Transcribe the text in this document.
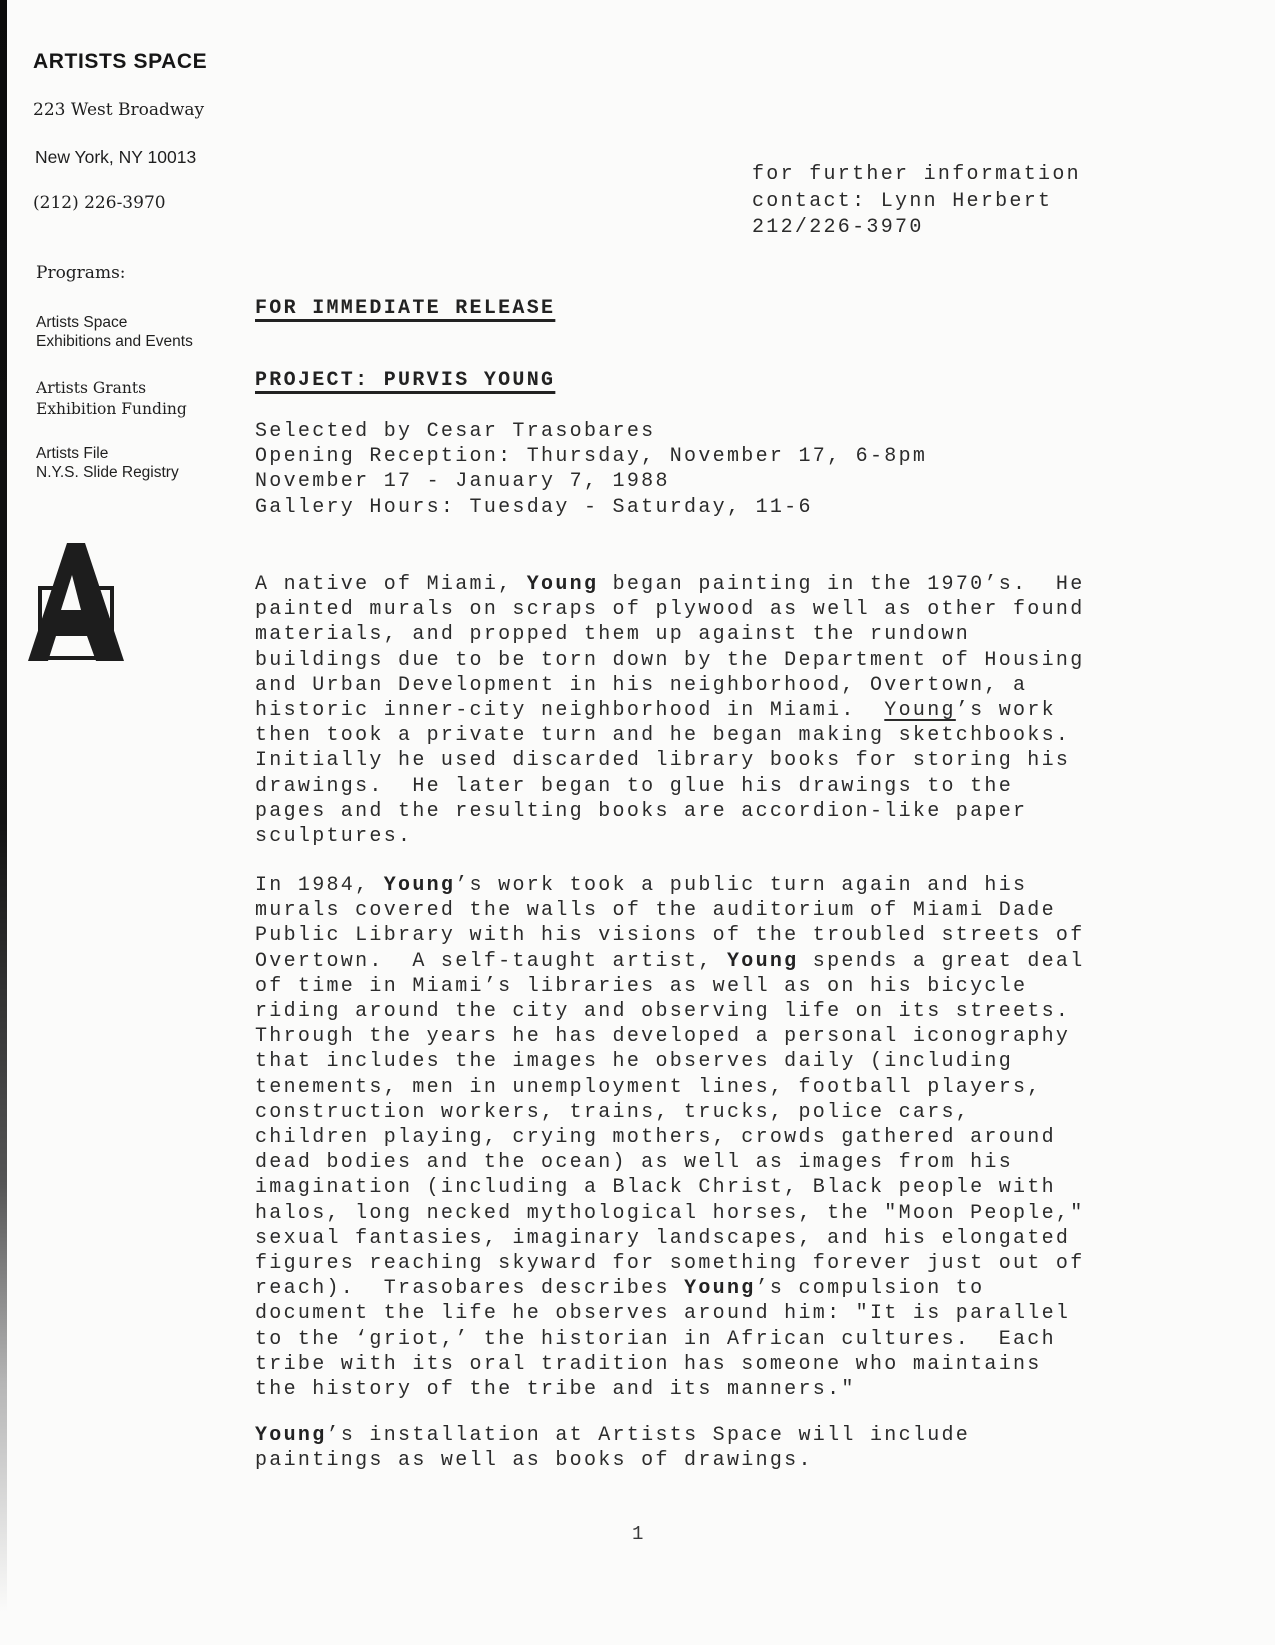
ARTISTS SPACE
223 West Broadway
New York, NY 10013
(212) 226-3970
Programs:
Artists Space
Exhibitions and Events
Artists Grants
Exhibition Funding
Artists File
N.Y.S. Slide Registry
for further information
contact: Lynn Herbert
212/226-3970
FOR IMMEDIATE RELEASE
PROJECT: PURVIS YOUNG
Selected by Cesar Trasobares
Opening Reception: Thursday, November 17, 6-8pm
November 17 - January 7, 1988
Gallery Hours: Tuesday - Saturday, 11-6
A native of Miami, Young began painting in the 1970’s.  He
painted murals on scraps of plywood as well as other found
materials, and propped them up against the rundown
buildings due to be torn down by the Department of Housing
and Urban Development in his neighborhood, Overtown, a
historic inner-city neighborhood in Miami.  Young’s work
then took a private turn and he began making sketchbooks.
Initially he used discarded library books for storing his
drawings.  He later began to glue his drawings to the
pages and the resulting books are accordion-like paper
sculptures.
In 1984, Young’s work took a public turn again and his
murals covered the walls of the auditorium of Miami Dade
Public Library with his visions of the troubled streets of
Overtown.  A self-taught artist, Young spends a great deal
of time in Miami’s libraries as well as on his bicycle
riding around the city and observing life on its streets.
Through the years he has developed a personal iconography
that includes the images he observes daily (including
tenements, men in unemployment lines, football players,
construction workers, trains, trucks, police cars,
children playing, crying mothers, crowds gathered around
dead bodies and the ocean) as well as images from his
imagination (including a Black Christ, Black people with
halos, long necked mythological horses, the "Moon People,"
sexual fantasies, imaginary landscapes, and his elongated
figures reaching skyward for something forever just out of
reach).  Trasobares describes Young’s compulsion to
document the life he observes around him: "It is parallel
to the ‘griot,’ the historian in African cultures.  Each
tribe with its oral tradition has someone who maintains
the history of the tribe and its manners."
Young’s installation at Artists Space will include
paintings as well as books of drawings.
1
